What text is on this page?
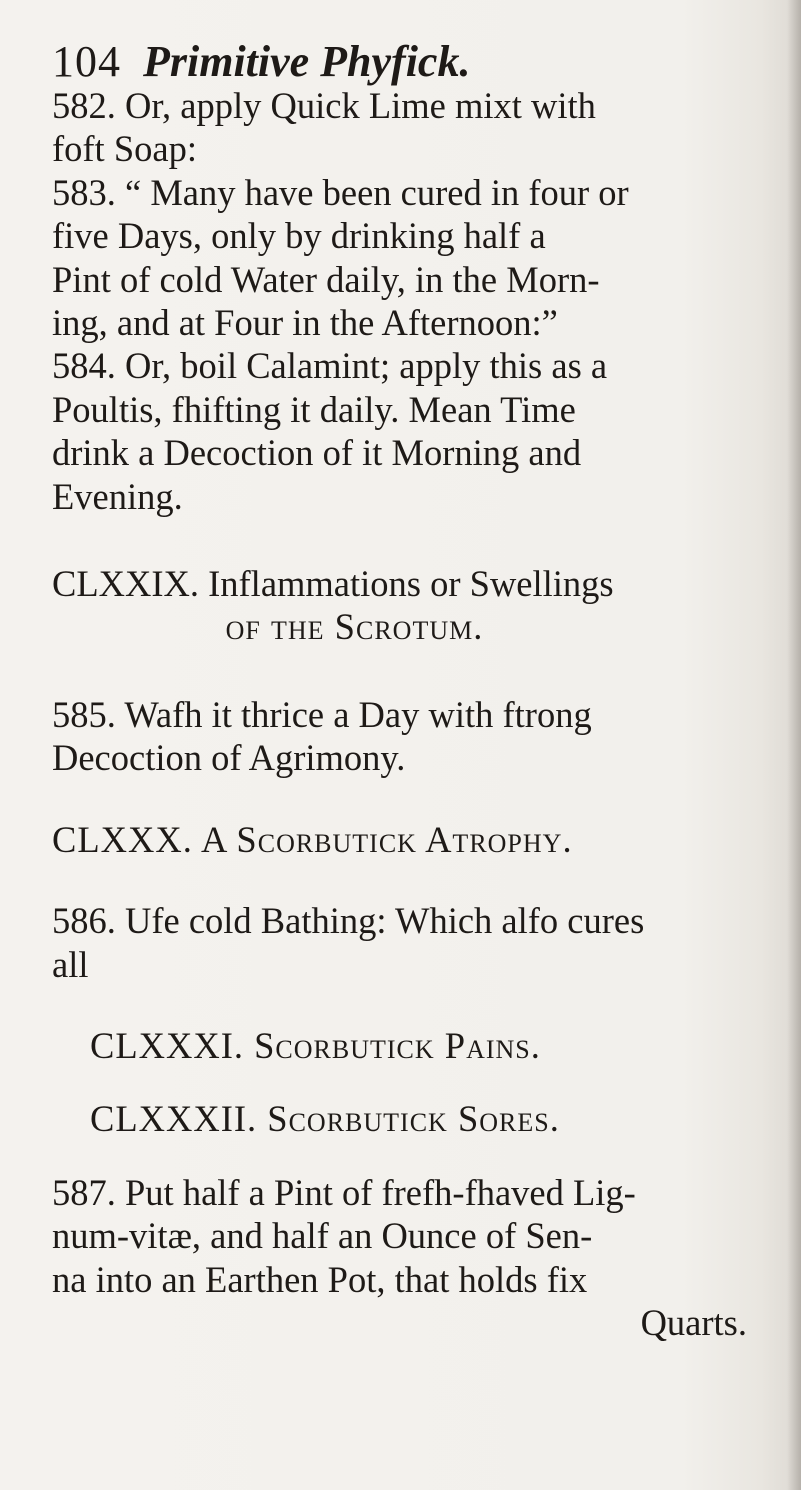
104 Primitive Phyfick.
582. Or, apply Quick Lime mixt with
foft Soap:
583. “ Many have been cured in four or
five Days, only by drinking half a
Pint of cold Water daily, in the Morn-
ing, and at Four in the Afternoon:”
584. Or, boil Calamint; apply this as a
Poultis, fhifting it daily. Mean Time
drink a Decoction of it Morning and
Evening.
CLXXIX. Inflammations or Swellings
of the Scrotum.
585. Wafh it thrice a Day with ftrong
Decoction of Agrimony.
CLXXX. A Scorbutick Atrophy.
586. Ufe cold Bathing: Which alfo cures
all
CLXXXI. Scorbutick Pains.
CLXXXII. Scorbutick Sores.
587. Put half a Pint of frefh-fhaved Lig-
num-vitæ, and half an Ounce of Sen-
na into an Earthen Pot, that holds fix
Quarts.
